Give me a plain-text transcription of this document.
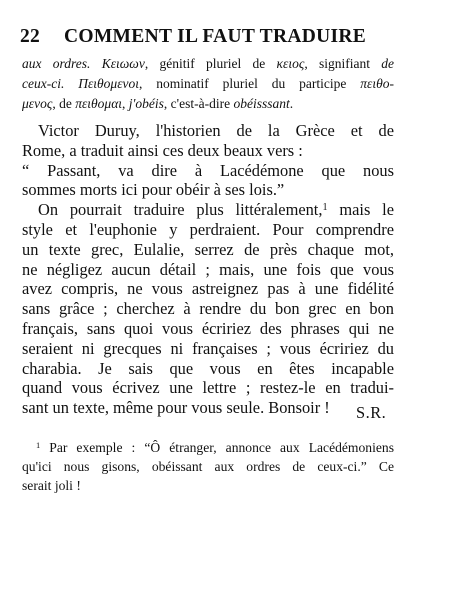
22 COMMENT IL FAUT TRADUIRE
aux ordres. Κειωων, génitif pluriel de κειος, signifiant de
ceux-ci. Πειθομενοι, nominatif pluriel du participe πειθο-
μενος, de πειθομαι, j'obéis, c'est-à-dire obéisssant.
Victor Duruy, l'historien de la Grèce et de
Rome, a traduit ainsi ces deux beaux vers :
“ Passant, va dire à Lacédémone que nous
sommes morts ici pour obéir à ses lois.”
On pourrait traduire plus littéralement,$^1$ mais le
style et l'euphonie y perdraient. Pour comprendre
un texte grec, Eulalie, serrez de près chaque mot,
ne négligez aucun détail ; mais, une fois que vous
avez compris, ne vous astreignez pas à une fidélité
sans grâce ; cherchez à rendre du bon grec en bon
français, sans quoi vous écririez des phrases qui ne
seraient ni grecques ni françaises ; vous écririez du
charabia. Je sais que vous en êtes incapable
quand vous écrivez une lettre ; restez-le en tradui-
sant un texte, même pour vous seule. Bonsoir !	S.R.
$^1$ Par exemple : “Ô étranger, annonce aux Lacédémoniens
qu'ici nous gisons, obéissant aux ordres de ceux-ci.” Ce
serait joli !
